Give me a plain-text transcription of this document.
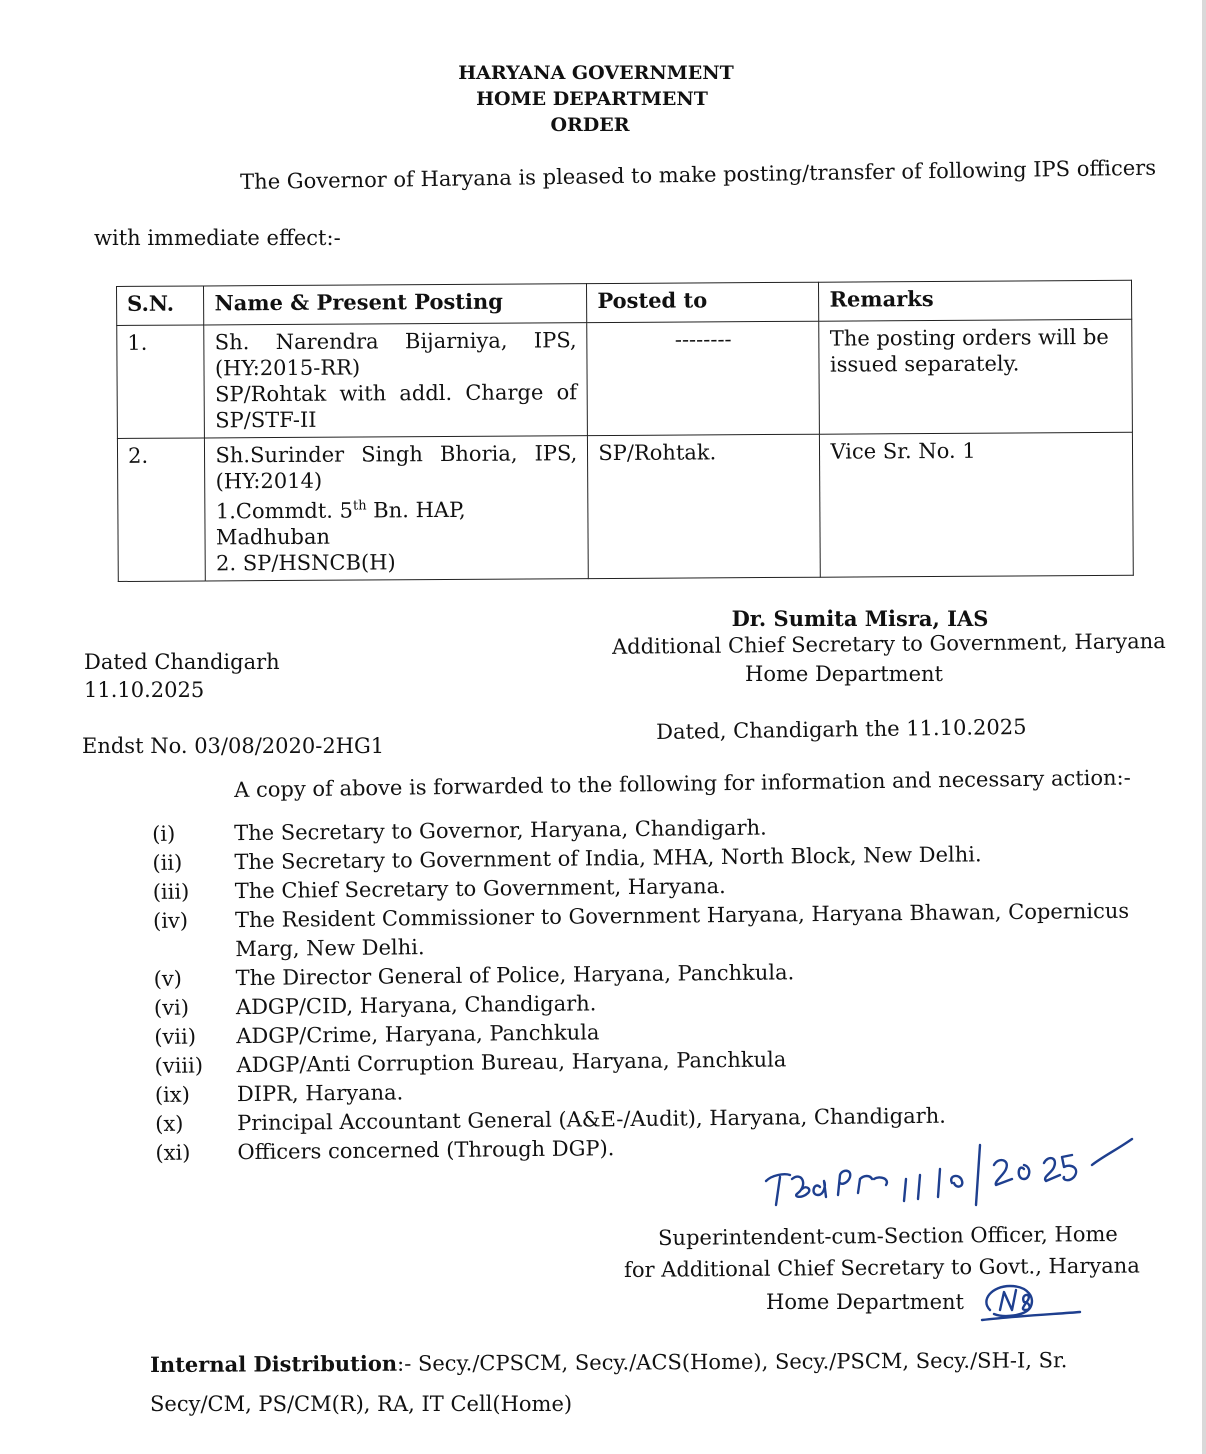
HARYANA GOVERNMENT
HOME DEPARTMENT
ORDER
The Governor of Haryana is pleased to make posting/transfer of following IPS officers
with immediate effect:-
S.N.	Name & Present Posting	Posted to	Remarks
1.	Sh. Narendra Bijarniya, IPS,
(HY:2015-RR)
SP/Rohtak with addl. Charge of
SP/STF-II	--------	The posting orders will be issued separately.
2.	Sh.Surinder Singh Bhoria, IPS,
(HY:2014)
1.Commdt. 5th Bn. HAP, Madhuban
2. SP/HSNCB(H)	SP/Rohtak.	Vice Sr. No. 1
Dr. Sumita Misra, IAS
Additional Chief Secretary to Government, Haryana
Home Department
Dated Chandigarh
11.10.2025
Endst No. 03/08/2020-2HG1
Dated, Chandigarh the 11.10.2025
A copy of above is forwarded to the following for information and necessary action:-
(i)	The Secretary to Governor, Haryana, Chandigarh.
(ii)	The Secretary to Government of India, MHA, North Block, New Delhi.
(iii)	The Chief Secretary to Government, Haryana.
(iv)	The Resident Commissioner to Government Haryana, Haryana Bhawan, Copernicus
Marg, New Delhi.
(v)	The Director General of Police, Haryana, Panchkula.
(vi)	ADGP/CID, Haryana, Chandigarh.
(vii)	ADGP/Crime, Haryana, Panchkula
(viii)	ADGP/Anti Corruption Bureau, Haryana, Panchkula
(ix)	DIPR, Haryana.
(x)	Principal Accountant General (A&E-/Audit), Haryana, Chandigarh.
(xi)	Officers concerned (Through DGP).
Superintendent-cum-Section Officer, Home
for Additional Chief Secretary to Govt., Haryana
Home Department
Internal Distribution:- Secy./CPSCM, Secy./ACS(Home), Secy./PSCM, Secy./SH-I, Sr.
Secy/CM, PS/CM(R), RA, IT Cell(Home)
